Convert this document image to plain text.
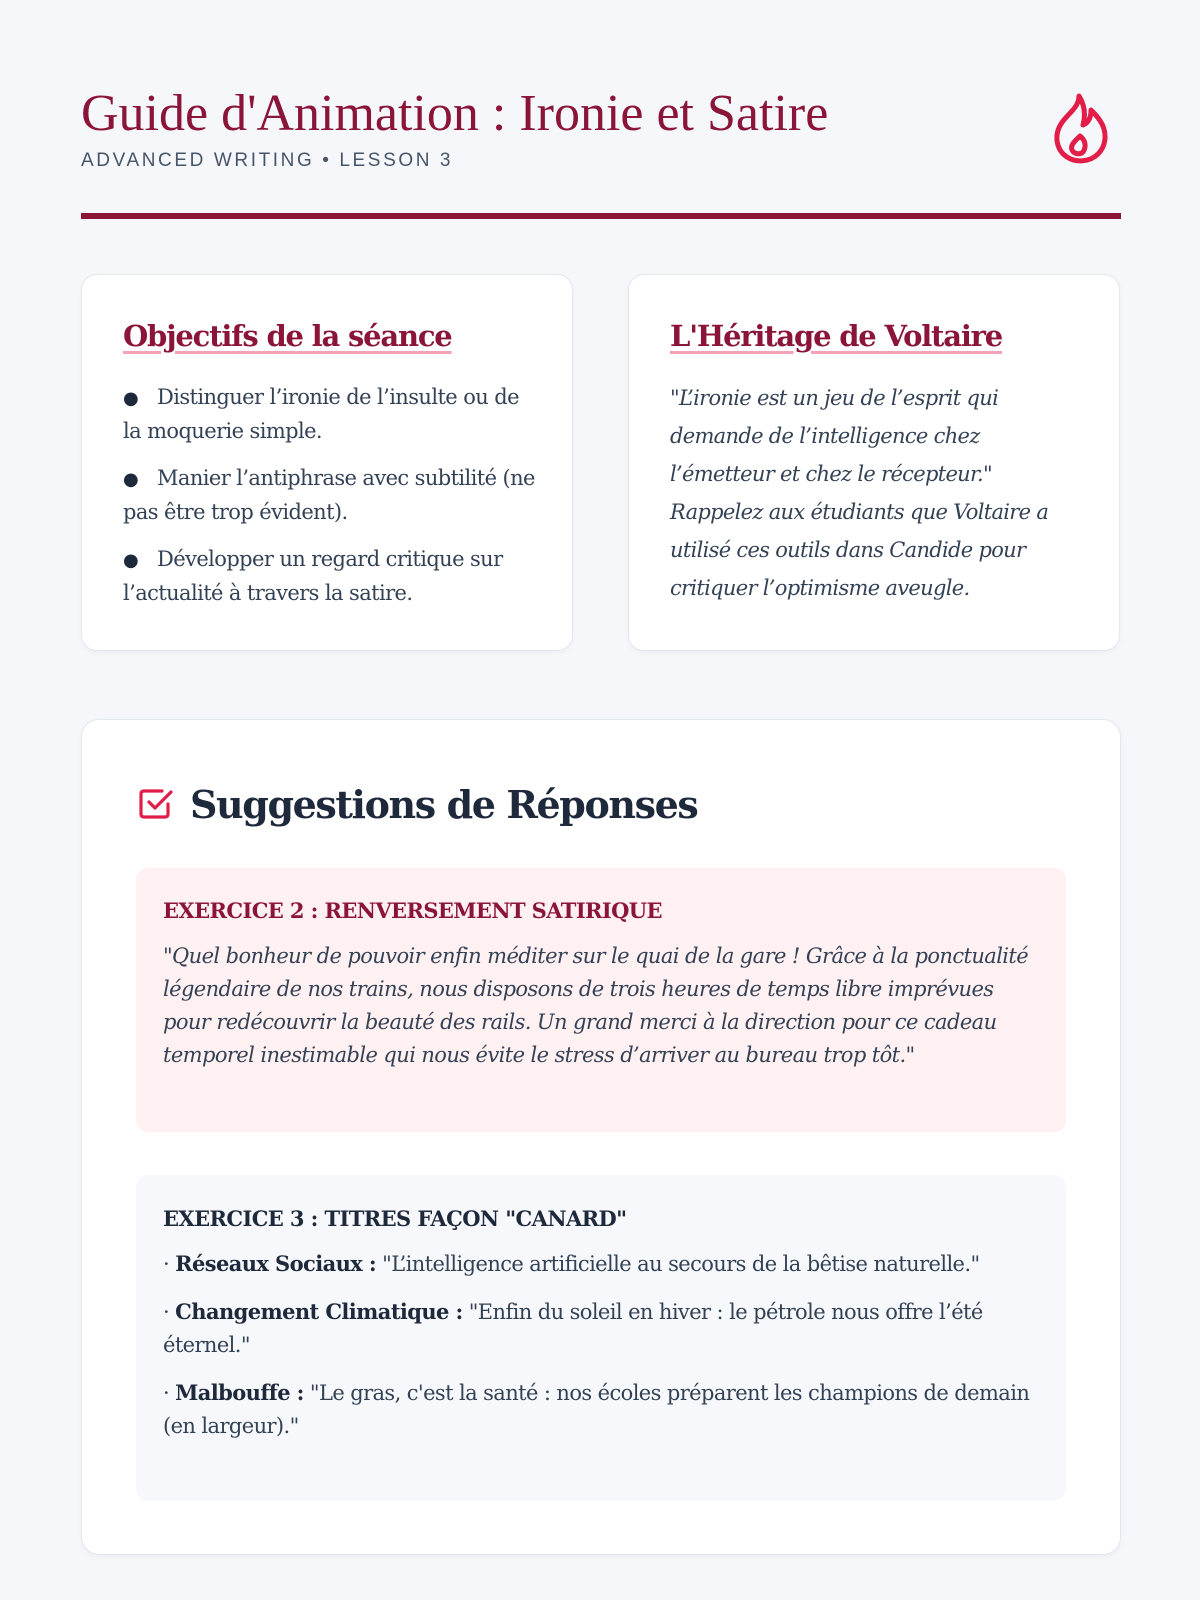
Guide d'Animation : Ironie et Satire
ADVANCED WRITING • LESSON 3
Objectifs de la séance
● Distinguer l’ironie de l’insulte ou de la moquerie simple.
● Manier l’antiphrase avec subtilité (ne pas être trop évident).
● Développer un regard critique sur l’actualité à travers la satire.
L'Héritage de Voltaire

"L’ironie est un jeu de l’esprit qui demande de l’intelligence chez l’émetteur et chez le récepteur." Rappelez aux étudiants que Voltaire a utilisé ces outils dans Candide pour critiquer l’optimisme aveugle.

Suggestions de Réponses
EXERCICE 2 : RENVERSEMENT SATIRIQUE

"Quel bonheur de pouvoir enfin méditer sur le quai de la gare ! Grâce à la ponctualité légendaire de nos trains, nous disposons de trois heures de temps libre imprévues pour redécouvrir la beauté des rails. Un grand merci à la direction pour ce cadeau temporel inestimable qui nous évite le stress d’arriver au bureau trop tôt."

EXERCICE 3 : TITRES FAÇON "CANARD"

· Réseaux Sociaux : "L’intelligence artificielle au secours de la bêtise naturelle."

· Changement Climatique : "Enfin du soleil en hiver : le pétrole nous offre l’été éternel."

· Malbouffe : "Le gras, c'est la santé : nos écoles préparent les champions de demain (en largeur)."
